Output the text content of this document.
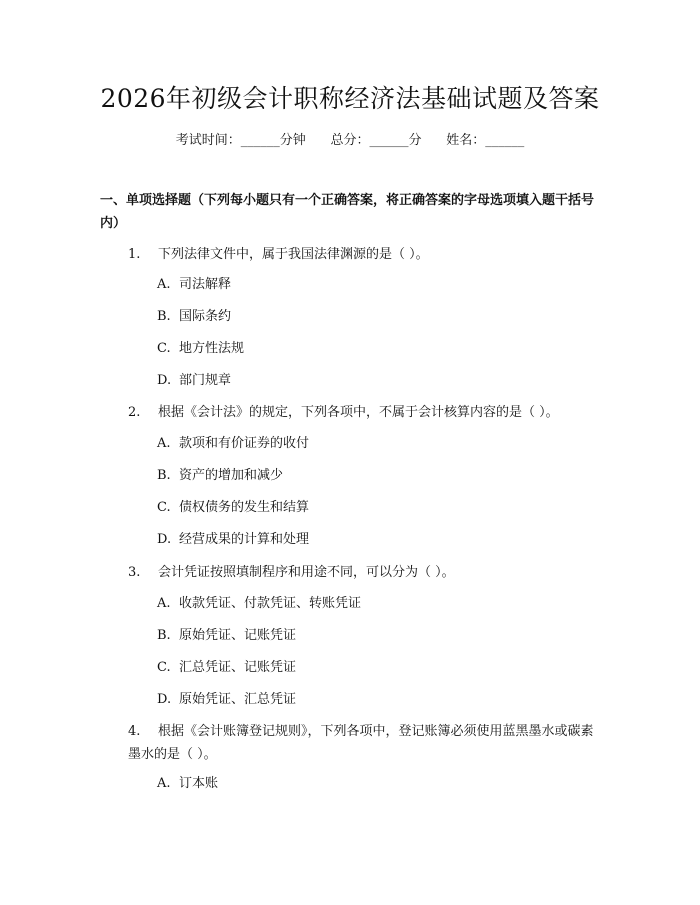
2026年初级会计职称经济法基础试题及答案
考试时间：______分钟      总分：______分      姓名：______
一、单项选择题（下列每小题只有一个正确答案，将正确答案的字母选项填入题干括号内）
1. 下列法律文件中，属于我国法律渊源的是（ ）。
A. 司法解释
B. 国际条约
C. 地方性法规
D. 部门规章
2. 根据《会计法》的规定，下列各项中，不属于会计核算内容的是（ ）。
A. 款项和有价证券的收付
B. 资产的增加和减少
C. 债权债务的发生和结算
D. 经营成果的计算和处理
3. 会计凭证按照填制程序和用途不同，可以分为（ ）。
A. 收款凭证、付款凭证、转账凭证
B. 原始凭证、记账凭证
C. 汇总凭证、记账凭证
D. 原始凭证、汇总凭证
4. 根据《会计账簿登记规则》，下列各项中，登记账簿必须使用蓝黑墨水或碳素墨水的是（ ）。
A. 订本账
